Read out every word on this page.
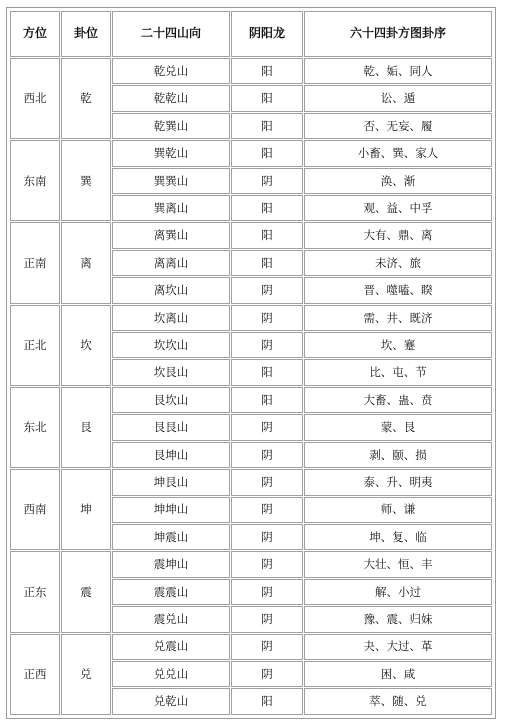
方位	卦位	二十四山向	阴阳龙	六十四卦方图卦序
西北	乾	乾兑山	阳	乾、姤、同人
		乾乾山	阳	讼、遁
		乾巽山	阳	否、无妄、履
东南	巽	巽乾山	阳	小畜、巽、家人
		巽巽山	阴	涣、渐
		巽离山	阳	观、益、中孚
正南	离	离巽山	阳	大有、鼎、离
		离离山	阳	未济、旅
		离坎山	阴	晋、噬嗑、睽
正北	坎	坎离山	阴	需、井、既济
		坎坎山	阴	坎、蹇
		坎艮山	阳	比、屯、节
东北	艮	艮坎山	阳	大畜、蛊、贲
		艮艮山	阴	蒙、艮
		艮坤山	阴	剥、颐、损
西南	坤	坤艮山	阴	泰、升、明夷
		坤坤山	阴	师、谦
		坤震山	阴	坤、复、临
正东	震	震坤山	阴	大壮、恒、丰
		震震山	阴	解、小过
		震兑山	阴	豫、震、归妹
正西	兑	兑震山	阴	夬、大过、革
		兑兑山	阴	困、咸
		兑乾山	阳	萃、随、兑
